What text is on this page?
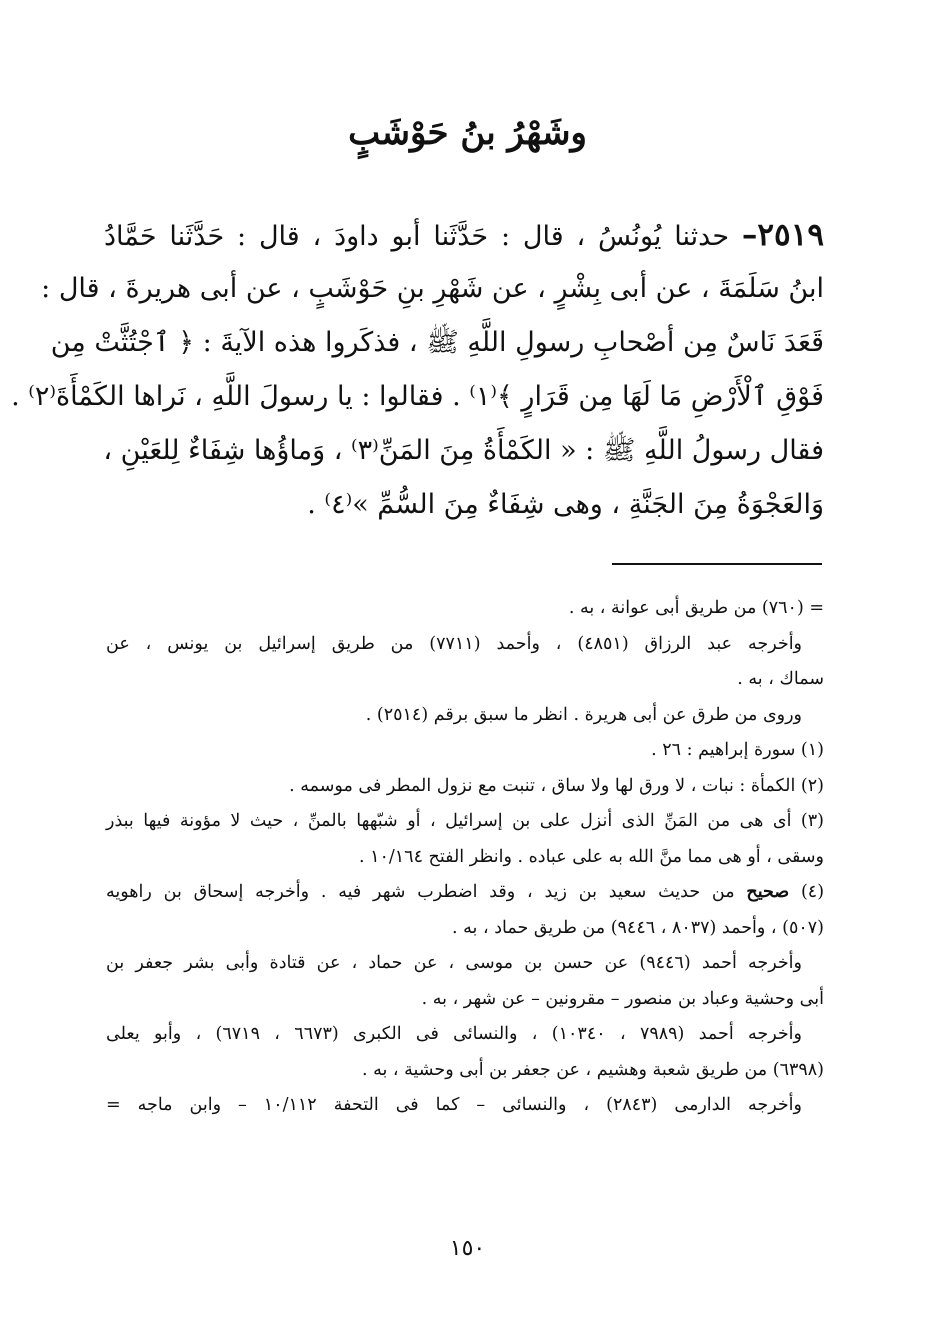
وشَهْرُ بنُ حَوْشَبٍ
٢٥١٩– حدثنا يُونُسُ ، قال : حَدَّثَنا أبو داودَ ، قال : حَدَّثَنا حَمَّادُ
ابنُ سَلَمَةَ ، عن أبى بِشْرٍ ، عن شَهْرِ بنِ حَوْشَبٍ ، عن أبى هريرةَ ، قال :
قَعَدَ نَاسٌ مِن أصْحابِ رسولِ اللَّهِ ﷺ ، فذكَروا هذه الآيةَ : ﴿ ٱجْتُثَّتْ مِن
فَوْقِ ٱلْأَرْضِ مَا لَهَا مِن قَرَارٍ ﴾⁽١⁾ . فقالوا : يا رسولَ اللَّهِ ، نَراها الكَمْأَةَ⁽٢⁾ .
فقال رسولُ اللَّهِ ﷺ : « الكَمْأَةُ مِنَ المَنِّ⁽٣⁾ ، وَماؤُها شِفَاءٌ لِلعَيْنِ ،
وَالعَجْوَةُ مِنَ الجَنَّةِ ، وهى شِفَاءٌ مِنَ السُّمِّ »⁽٤⁾ .
= (٧٦٠) من طريق أبى عوانة ، به .
وأخرجه عبد الرزاق (٤٨٥١) ، وأحمد (٧٧١١) من طريق إسرائيل بن يونس ، عن
سماك ، به .
وروى من طرق عن أبى هريرة . انظر ما سبق برقم (٢٥١٤) .
(١) سورة إبراهيم : ٢٦ .
(٢) الكمأة : نبات ، لا ورق لها ولا ساق ، تنبت مع نزول المطر فى موسمه .
(٣) أى هى من المَنِّ الذى أنزل على بن إسرائيل ، أو شبّهها بالمنِّ ، حيث لا مؤونة فيها ببذر
وسقى ، أو هى مما منَّ الله به على عباده . وانظر الفتح ١٠/١٦٤ .
(٤) صحيح من حديث سعيد بن زيد ، وقد اضطرب شهر فيه . وأخرجه إسحاق بن راهويه
(٥٠٧) ، وأحمد (٨٠٣٧ ، ٩٤٤٦) من طريق حماد ، به .
وأخرجه أحمد (٩٤٤٦) عن حسن بن موسى ، عن حماد ، عن قتادة وأبى بشر جعفر بن
أبى وحشية وعباد بن منصور – مقرونين – عن شهر ، به .
وأخرجه أحمد (٧٩٨٩ ، ١٠٣٤٠) ، والنسائى فى الكبرى (٦٦٧٣ ، ٦٧١٩) ، وأبو يعلى
(٦٣٩٨) من طريق شعبة وهشيم ، عن جعفر بن أبى وحشية ، به .
وأخرجه الدارمى (٢٨٤٣) ، والنسائى – كما فى التحفة ١٠/١١٢ – وابن ماجه =
١٥٠
